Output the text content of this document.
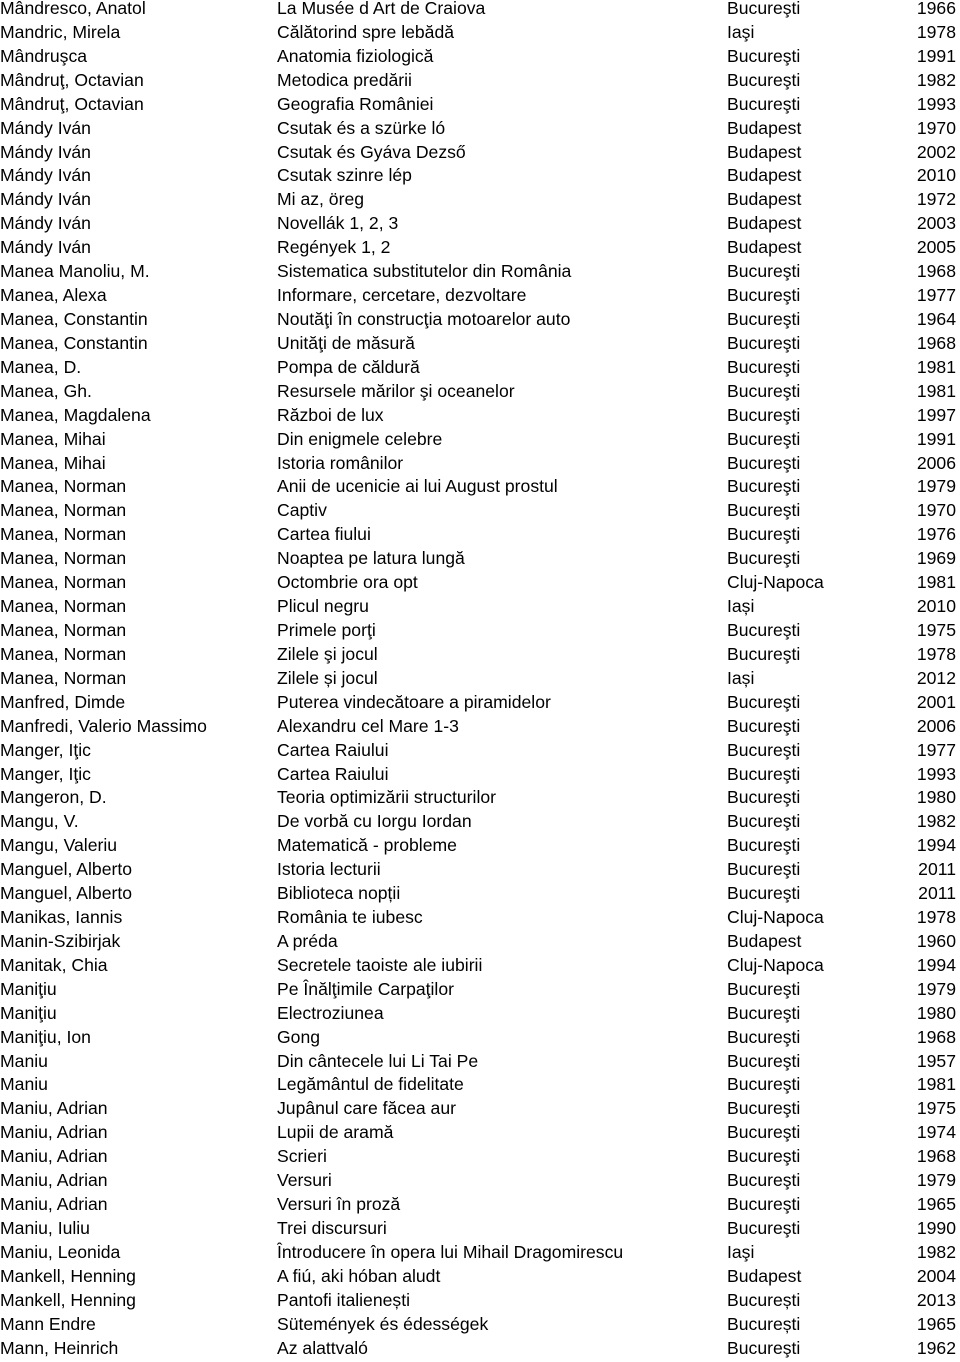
Mândresco, Anatol	La Musée d Art de Craiova	Bucureşti	1966
Mandric, Mirela	Călătorind spre lebădă	Iaşi	1978
Mândruşca	Anatomia fiziologică	Bucureşti	1991
Mândruţ, Octavian	Metodica predării	Bucureşti	1982
Mândruţ, Octavian	Geografia României	Bucureşti	1993
Mándy Iván	Csutak és a szürke ló	Budapest	1970
Mándy Iván	Csutak és Gyáva Dezső	Budapest	2002
Mándy Iván	Csutak szinre lép	Budapest	2010
Mándy Iván	Mi az, öreg	Budapest	1972
Mándy Iván	Novellák 1, 2, 3	Budapest	2003
Mándy Iván	Regények 1, 2	Budapest	2005
Manea Manoliu, M.	Sistematica substitutelor din România	Bucureşti	1968
Manea, Alexa	Informare, cercetare, dezvoltare	Bucureşti	1977
Manea, Constantin	Noutăţi în construcţia motoarelor auto	Bucureşti	1964
Manea, Constantin	Unităţi de măsură	Bucureşti	1968
Manea, D.	Pompa de căldură	Bucureşti	1981
Manea, Gh.	Resursele mărilor şi oceanelor	Bucureşti	1981
Manea, Magdalena	Război de lux	Bucureşti	1997
Manea, Mihai	Din enigmele celebre	Bucureşti	1991
Manea, Mihai	Istoria românilor	Bucureşti	2006
Manea, Norman	Anii de ucenicie ai lui August prostul	Bucureşti	1979
Manea, Norman	Captiv	Bucureşti	1970
Manea, Norman	Cartea fiului	Bucureşti	1976
Manea, Norman	Noaptea pe latura lungă	Bucureşti	1969
Manea, Norman	Octombrie ora opt	Cluj-Napoca	1981
Manea, Norman	Plicul negru	Iași	2010
Manea, Norman	Primele porţi	Bucureşti	1975
Manea, Norman	Zilele şi jocul	Bucureşti	1978
Manea, Norman	Zilele și jocul	Iași	2012
Manfred, Dimde	Puterea vindecătoare a piramidelor	Bucureşti	2001
Manfredi, Valerio Massimo	Alexandru cel Mare 1-3	Bucureşti	2006
Manger, Iţic	Cartea Raiului	Bucureşti	1977
Manger, Iţic	Cartea Raiului	Bucureşti	1993
Mangeron, D.	Teoria optimizării structurilor	Bucureşti	1980
Mangu, V.	De vorbă cu Iorgu Iordan	Bucureşti	1982
Mangu, Valeriu	Matematică - probleme	Bucureşti	1994
Manguel, Alberto	Istoria lecturii	Bucureşti	2011
Manguel, Alberto	Biblioteca nopții	Bucureşti	2011
Manikas, Iannis	România te iubesc	Cluj-Napoca	1978
Manin-Szibirjak	A préda	Budapest	1960
Manitak, Chia	Secretele taoiste ale iubirii	Cluj-Napoca	1994
Maniţiu	Pe Înălţimile Carpaţilor	Bucureşti	1979
Maniţiu	Electroziunea	Bucureşti	1980
Maniţiu, Ion	Gong	Bucureşti	1968
Maniu	Din cântecele lui Li Tai Pe	Bucureşti	1957
Maniu	Legământul de fidelitate	Bucureşti	1981
Maniu, Adrian	Jupânul care făcea aur	Bucureşti	1975
Maniu, Adrian	Lupii de aramă	Bucureşti	1974
Maniu, Adrian	Scrieri	Bucureşti	1968
Maniu, Adrian	Versuri	Bucureşti	1979
Maniu, Adrian	Versuri în proză	Bucureşti	1965
Maniu, Iuliu	Trei discursuri	Bucureşti	1990
Maniu, Leonida	Întroducere în opera lui Mihail Dragomirescu	Iaşi	1982
Mankell, Henning	A fiú, aki hóban aludt	Budapest	2004
Mankell, Henning	Pantofi italienești	București	2013
Mann Endre	Sütemények és édességek	București	1965
Mann, Heinrich	Az alattvaló	Bucureşti	1962
